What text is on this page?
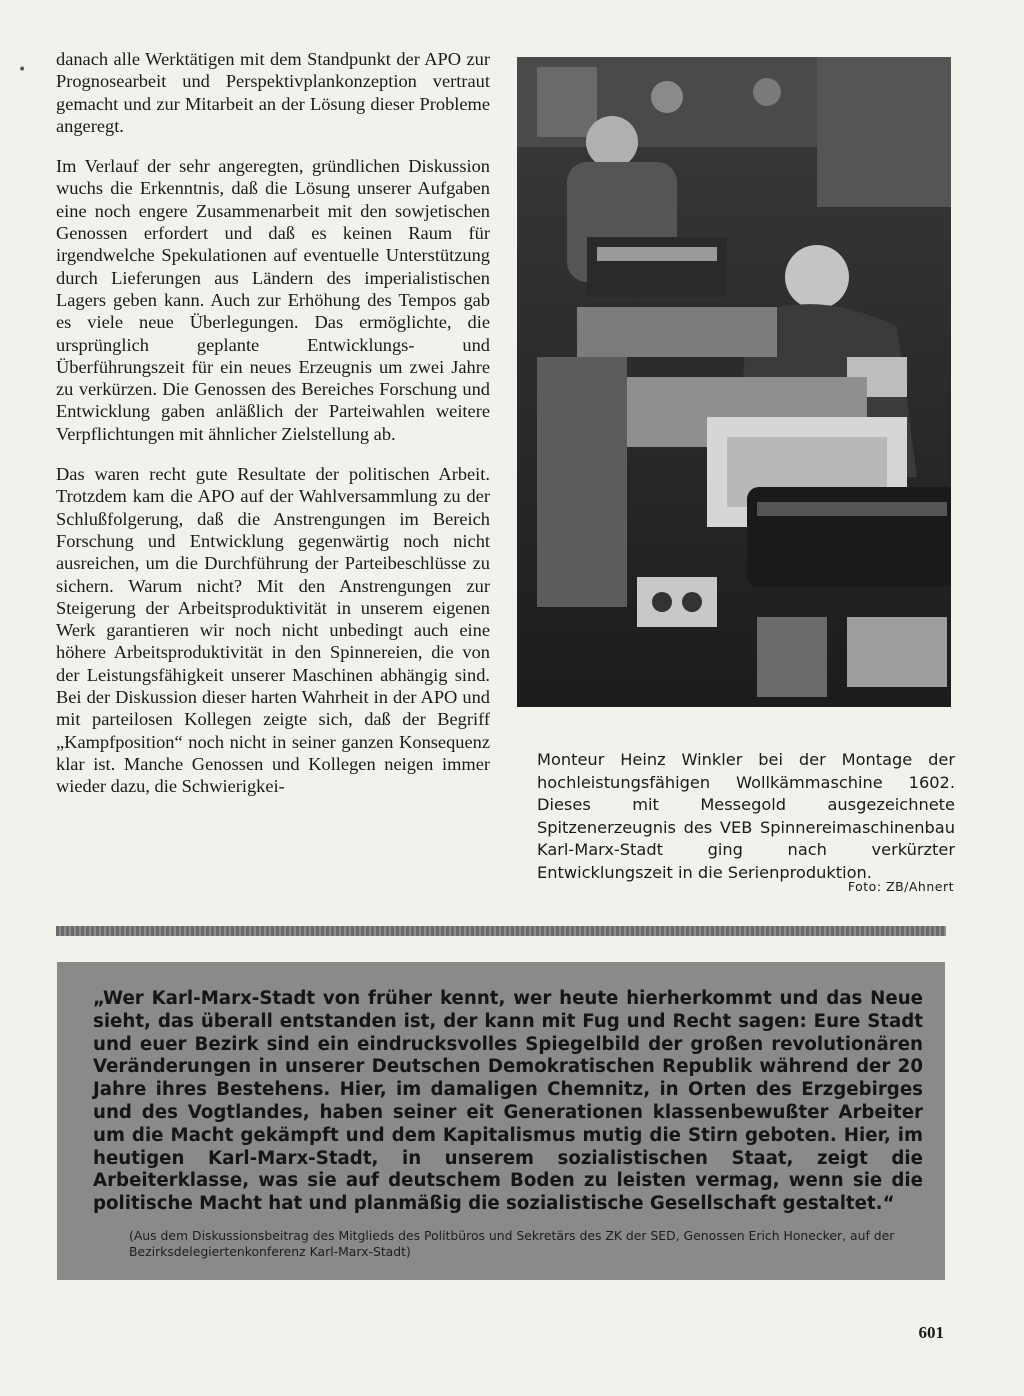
•

danach alle Werktätigen mit dem Standpunkt der APO zur Prognosearbeit und Perspektivplankonzeption vertraut gemacht und zur Mitarbeit an der Lösung dieser Probleme angeregt.

Im Verlauf der sehr angeregten, gründlichen Diskussion wuchs die Erkenntnis, daß die Lösung unserer Aufgaben eine noch engere Zusammenarbeit mit den sowjetischen Genossen erfordert und daß es keinen Raum für irgendwelche Spekulationen auf eventuelle Unterstützung durch Lieferungen aus Ländern des imperialistischen Lagers geben kann. Auch zur Erhöhung des Tempos gab es viele neue Überlegungen. Das ermöglichte, die ursprünglich geplante Entwicklungs- und Überführungszeit für ein neues Erzeugnis um zwei Jahre zu verkürzen. Die Genossen des Bereiches Forschung und Entwicklung gaben anläßlich der Parteiwahlen weitere Verpflichtungen mit ähnlicher Zielstellung ab.

Das waren recht gute Resultate der politischen Arbeit. Trotzdem kam die APO auf der Wahlversammlung zu der Schlußfolgerung, daß die Anstrengungen im Bereich Forschung und Entwicklung gegenwärtig noch nicht ausreichen, um die Durchführung der Parteibeschlüsse zu sichern. Warum nicht? Mit den Anstrengungen zur Steigerung der Arbeitsproduktivität in unserem eigenen Werk garantieren wir noch nicht unbedingt auch eine höhere Arbeitsproduktivität in den Spinnereien, die von der Leistungsfähigkeit unserer Maschinen abhängig sind. Bei der Diskussion dieser harten Wahrheit in der APO und mit parteilosen Kollegen zeigte sich, daß der Begriff „Kampfposition“ noch nicht in seiner ganzen Konsequenz klar ist. Manche Genossen und Kollegen neigen immer wieder dazu, die Schwierigkei-

Monteur Heinz Winkler bei der Montage der hochleistungsfähigen Wollkämmaschine 1602. Dieses mit Messegold ausgezeichnete Spitzenerzeugnis des VEB Spinnereimaschinenbau Karl-Marx-Stadt ging nach verkürzter Entwicklungszeit in die Serienproduktion.
Foto: ZB/Ahnert
„Wer Karl-Marx-Stadt von früher kennt, wer heute hierherkommt und das Neue sieht, das überall entstanden ist, der kann mit Fug und Recht sagen: Eure Stadt und euer Bezirk sind ein eindrucksvolles Spiegelbild der großen revolutionären Veränderungen in unserer Deutschen Demokratischen Republik während der 20 Jahre ihres Bestehens. Hier, im damaligen Chemnitz, in Orten des Erzgebirges und des Vogtlandes, haben seiner eit Generationen klassenbewußter Arbeiter um die Macht gekämpft und dem Kapitalismus mutig die Stirn geboten. Hier, im heutigen Karl-Marx-Stadt, in unserem sozialistischen Staat, zeigt die Arbeiterklasse, was sie auf deutschem Boden zu leisten vermag, wenn sie die politische Macht hat und planmäßig die sozialistische Gesellschaft gestaltet.“
(Aus dem Diskussionsbeitrag des Mitglieds des Politbüros und Sekretärs des ZK der SED, Genossen Erich Honecker, auf der Bezirksdelegiertenkonferenz Karl-Marx-Stadt)
601
